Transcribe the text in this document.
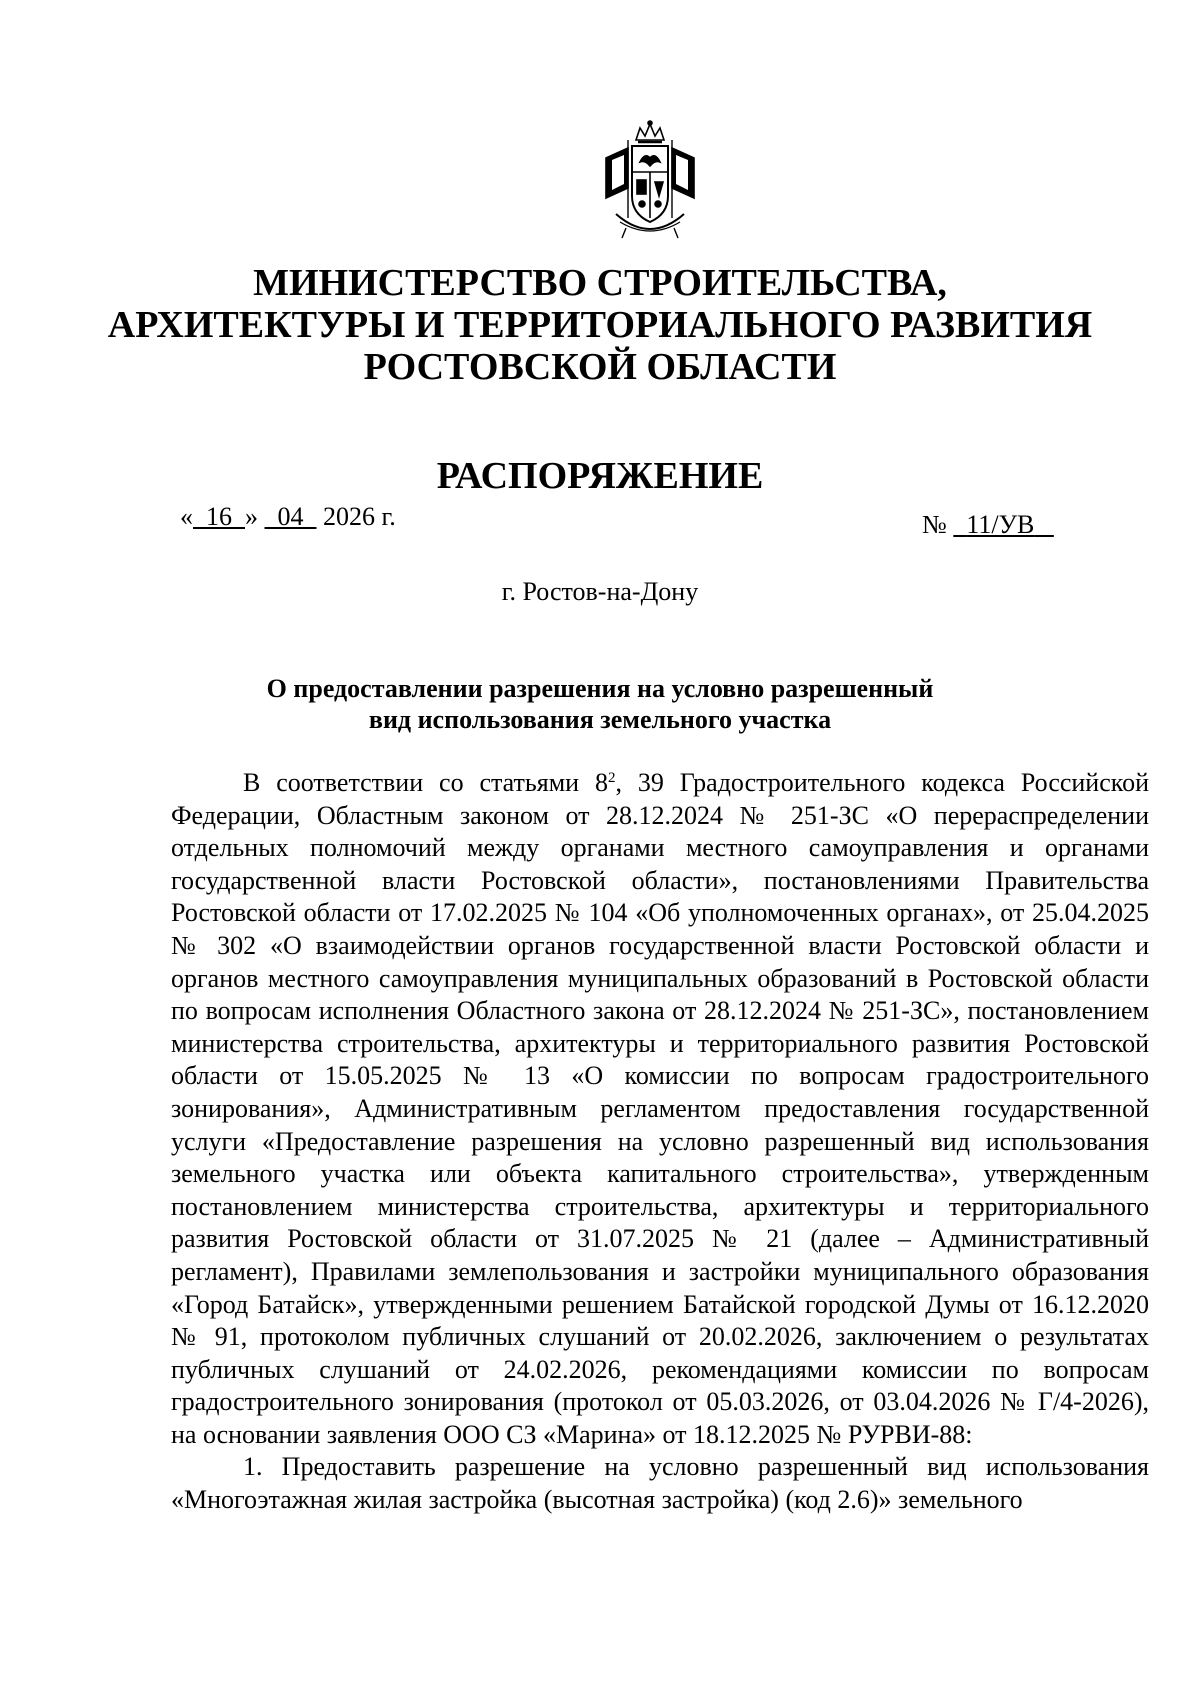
МИНИСТЕРСТВО СТРОИТЕЛЬСТВА,
АРХИТЕКТУРЫ И ТЕРРИТОРИАЛЬНОГО РАЗВИТИЯ
РОСТОВСКОЙ ОБЛАСТИ
РАСПОРЯЖЕНИЕ
« 16 » 04 2026 г.	№ 11/УВ
г. Ростов-на-Дону
О предоставлении разрешения на условно разрешенный
вид использования земельного участка

В соответствии со статьями $8^2$, 39 Градостроительного кодекса Российской Федерации, Областным законом от 28.12.2024 № 251-ЗС «О перераспределении отдельных полномочий между органами местного самоуправления и органами государственной власти Ростовской области», постановлениями Правительства Ростовской области от 17.02.2025 № 104 «Об уполномоченных органах», от 25.04.2025 № 302 «О взаимодействии органов государственной власти Ростовской области и органов местного самоуправления муниципальных образований в Ростовской области по вопросам исполнения Областного закона от 28.12.2024 № 251-ЗС», постановлением министерства строительства, архитектуры и территориального развития Ростовской области от 15.05.2025 № 13 «О комиссии по вопросам градостроительного зонирования», Административным регламентом предоставления государственной услуги «Предоставление разрешения на условно разрешенный вид использования земельного участка или объекта капитального строительства», утвержденным постановлением министерства строительства, архитектуры и территориального развития Ростовской области от 31.07.2025 № 21 (далее – Административный регламент), Правилами землепользования и застройки муниципального образования «Город Батайск», утвержденными решением Батайской городской Думы от 16.12.2020 № 91, протоколом публичных слушаний от 20.02.2026, заключением о результатах публичных слушаний от 24.02.2026, рекомендациями комиссии по вопросам градостроительного зонирования (протокол от 05.03.2026, от 03.04.2026 № Г/4-2026), на основании заявления ООО СЗ «Марина» от 18.12.2025 № РУРВИ-88:

1. Предоставить разрешение на условно разрешенный вид использования «Многоэтажная жилая застройка (высотная застройка) (код 2.6)» земельного
